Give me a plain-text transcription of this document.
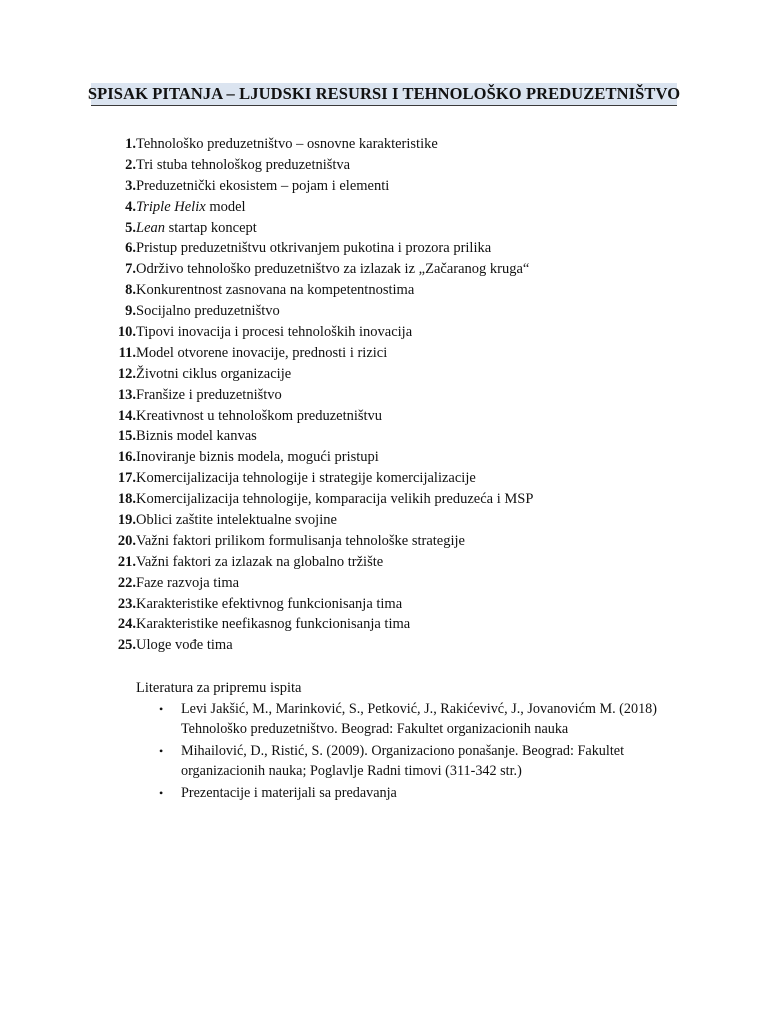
SPISAK PITANJA – LJUDSKI RESURSI I TEHNOLOŠKO PREDUZETNIŠTVO
1. Tehnološko preduzetništvo – osnovne karakteristike
2. Tri stuba tehnološkog preduzetništva
3. Preduzetnički ekosistem – pojam i elementi
4. Triple Helix model
5. Lean startap koncept
6. Pristup preduzetništvu otkrivanjem pukotina i prozora prilika
7. Održivo tehnološko preduzetništvo za izlazak iz „Začaranog kruga“
8. Konkurentnost zasnovana na kompetentnostima
9. Socijalno preduzetništvo
10. Tipovi inovacija i procesi tehnoloških inovacija
11. Model otvorene inovacije, prednosti i rizici
12. Životni ciklus organizacije
13. Franšize i preduzetništvo
14. Kreativnost u tehnološkom preduzetništvu
15. Biznis model kanvas
16. Inoviranje biznis modela, mogući pristupi
17. Komercijalizacija tehnologije i strategije komercijalizacije
18. Komercijalizacija tehnologije, komparacija velikih preduzeća i MSP
19. Oblici zaštite intelektualne svojine
20. Važni faktori prilikom formulisanja tehnološke strategije
21. Važni faktori za izlazak na globalno tržište
22. Faze razvoja tima
23. Karakteristike efektivnog funkcionisanja tima
24. Karakteristike neefikasnog funkcionisanja tima
25. Uloge vođe tima
Literatura za pripremu ispita
• Levi Jakšić, M., Marinković, S., Petković, J., Rakićevivć, J., Jovanovićm M. (2018)
Tehnološko preduzetništvo. Beograd: Fakultet organizacionih nauka
• Mihailović, D., Ristić, S. (2009). Organizaciono ponašanje. Beograd: Fakultet
organizacionih nauka; Poglavlje Radni timovi (311-342 str.)
• Prezentacije i materijali sa predavanja
